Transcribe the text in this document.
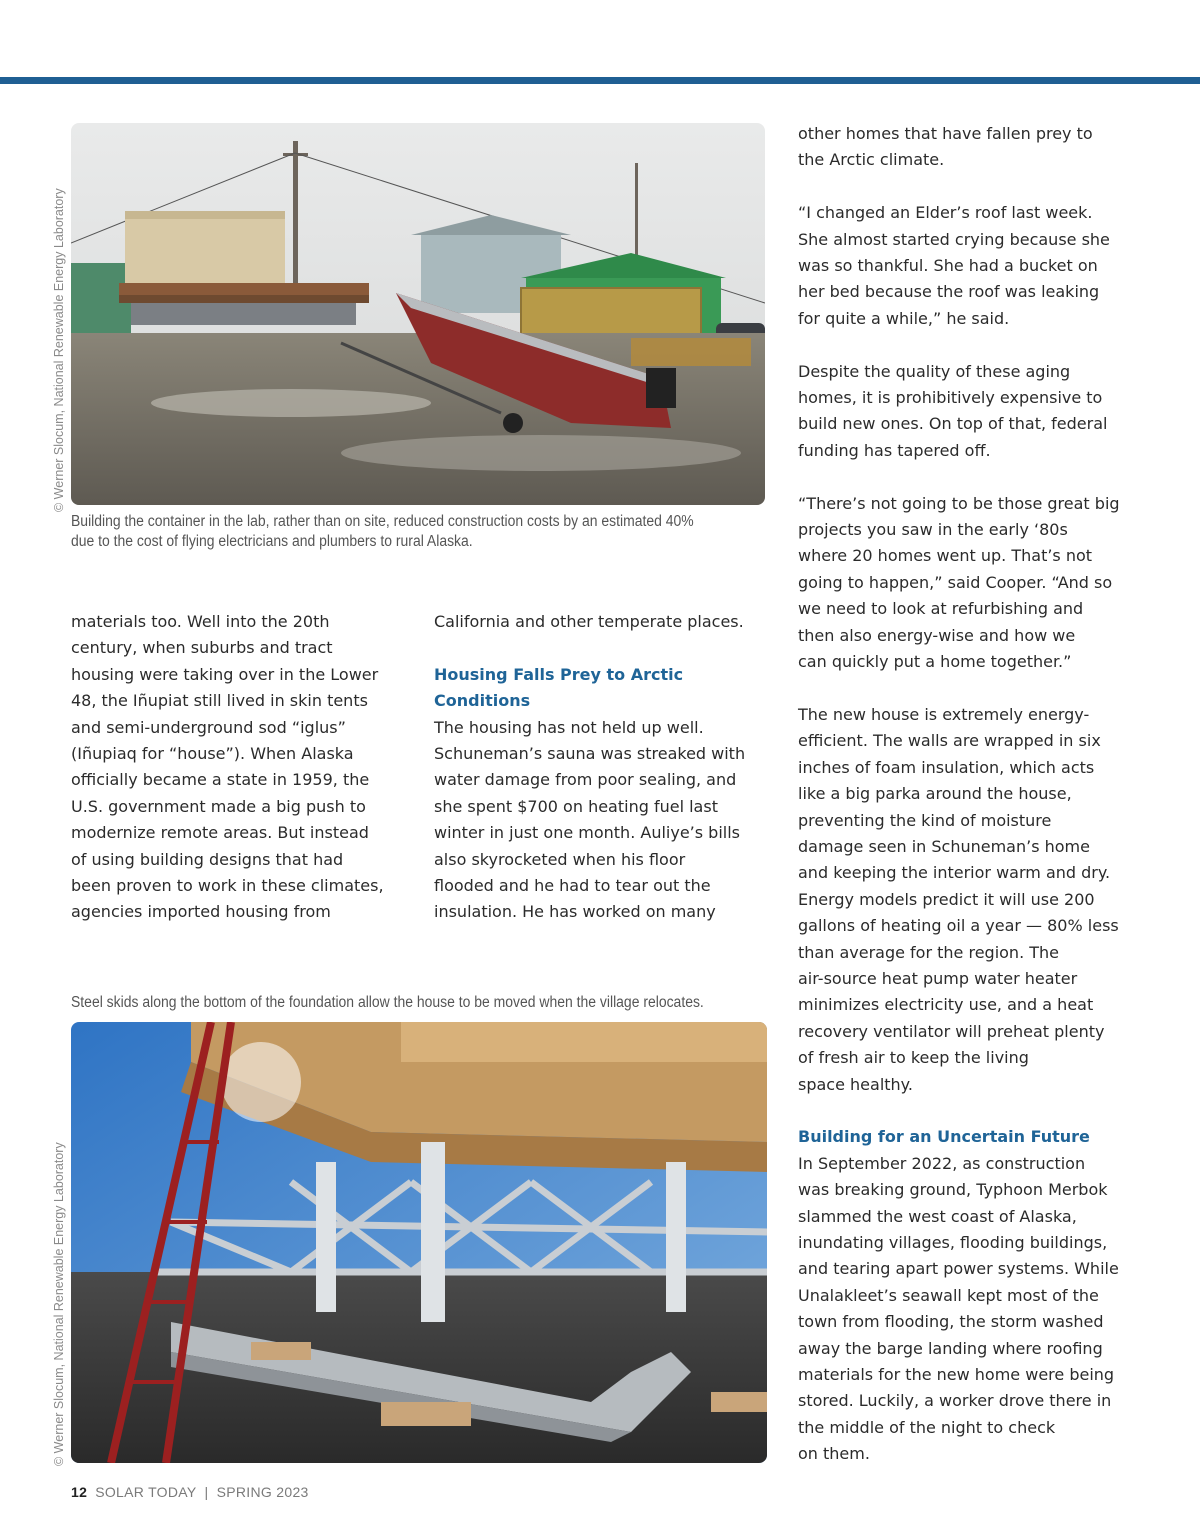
© Werner Slocum, National Renewable Energy Laboratory
Building the container in the lab, rather than on site, reduced construction costs by an estimated 40% due to the cost of flying electricians and plumbers to rural Alaska.

materials too. Well into the 20th
century, when suburbs and tract
housing were taking over in the Lower
48, the Iñupiat still lived in skin tents
and semi-underground sod “iglus”
(Iñupiaq for “house”). When Alaska
officially became a state in 1959, the
U.S. government made a big push to
modernize remote areas. But instead
of using building designs that had
been proven to work in these climates,
agencies imported housing from

California and other temperate places.

Housing Falls Prey to Arctic
Conditions

The housing has not held up well.
Schuneman’s sauna was streaked with
water damage from poor sealing, and
she spent $700 on heating fuel last
winter in just one month. Auliye’s bills
also skyrocketed when his floor
flooded and he had to tear out the
insulation. He has worked on many

other homes that have fallen prey to
the Arctic climate.

“I changed an Elder’s roof last week.
She almost started crying because she
was so thankful. She had a bucket on
her bed because the roof was leaking
for quite a while,” he said.

Despite the quality of these aging
homes, it is prohibitively expensive to
build new ones. On top of that, federal
funding has tapered off.

“There’s not going to be those great big
projects you saw in the early ‘80s
where 20 homes went up. That’s not
going to happen,” said Cooper. “And so
we need to look at refurbishing and
then also energy-wise and how we
can quickly put a home together.”

The new house is extremely energy-
efficient. The walls are wrapped in six
inches of foam insulation, which acts
like a big parka around the house,
preventing the kind of moisture
damage seen in Schuneman’s home
and keeping the interior warm and dry.
Energy models predict it will use 200
gallons of heating oil a year — 80% less
than average for the region. The
air-source heat pump water heater
minimizes electricity use, and a heat
recovery ventilator will preheat plenty
of fresh air to keep the living
space healthy.

Building for an Uncertain Future

In September 2022, as construction
was breaking ground, Typhoon Merbok
slammed the west coast of Alaska,
inundating villages, flooding buildings,
and tearing apart power systems. While
Unalakleet’s seawall kept most of the
town from flooding, the storm washed
away the barge landing where roofing
materials for the new home were being
stored. Luckily, a worker drove there in
the middle of the night to check
on them.

Steel skids along the bottom of the foundation allow the house to be moved when the village relocates.
© Werner Slocum, National Renewable Energy Laboratory
12 SOLAR TODAY | SPRING 2023
